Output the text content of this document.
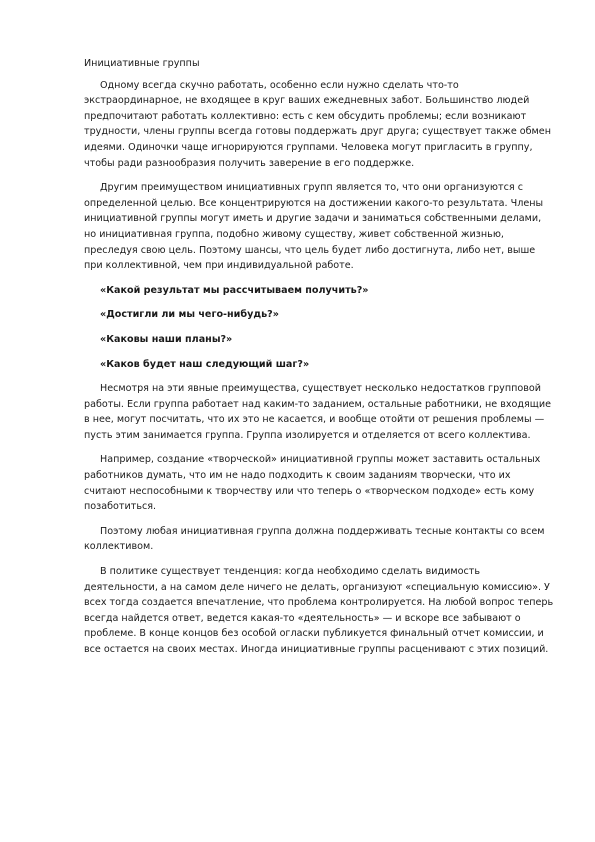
Инициативные группы

Одному всегда скучно работать, особенно если нужно сделать что-то экстраординарное, не входящее в круг ваших ежедневных забот. Большинство людей предпочитают работать коллективно: есть с кем обсудить проблемы; если возникают трудности, члены группы всегда готовы поддержать друг друга; существует также обмен идеями. Одиночки чаще игнорируются группами. Человека могут пригласить в группу, чтобы ради разнообразия получить заверение в его поддержке.

Другим преимуществом инициативных групп является то, что они организуются с определенной целью. Все концентрируются на достижении какого-то результата. Члены инициативной группы могут иметь и другие задачи и заниматься собственными делами, но инициативная группа, подобно живому существу, живет собственной жизнью, преследуя свою цель. Поэтому шансы, что цель будет либо достигнута, либо нет, выше при коллективной, чем при индивидуальной работе.

«Какой результат мы рассчитываем получить?»

«Достигли ли мы чего-нибудь?»

«Каковы наши планы?»

«Каков будет наш следующий шаг?»

Несмотря на эти явные преимущества, существует несколько недостатков групповой работы. Если группа работает над каким-то заданием, остальные работники, не входящие в нее, могут посчитать, что их это не касается, и вообще отойти от решения проблемы — пусть этим занимается группа. Группа изолируется и отделяется от всего коллектива.

Например, создание «творческой» инициативной группы может заставить остальных работников думать, что им не надо подходить к своим заданиям творчески, что их считают неспособными к творчеству или что теперь о «творческом подходе» есть кому позаботиться.

Поэтому любая инициативная группа должна поддерживать тесные контакты со всем коллективом.

В политике существует тенденция: когда необходимо сделать видимость деятельности, а на самом деле ничего не делать, организуют «специальную комиссию». У всех тогда создается впечатление, что проблема контролируется. На любой вопрос теперь всегда найдется ответ, ведется какая-то «деятельность» — и вскоре все забывают о проблеме. В конце концов без особой огласки публикуется финальный отчет комиссии, и все остается на своих местах. Иногда инициативные группы расценивают с этих позиций.
